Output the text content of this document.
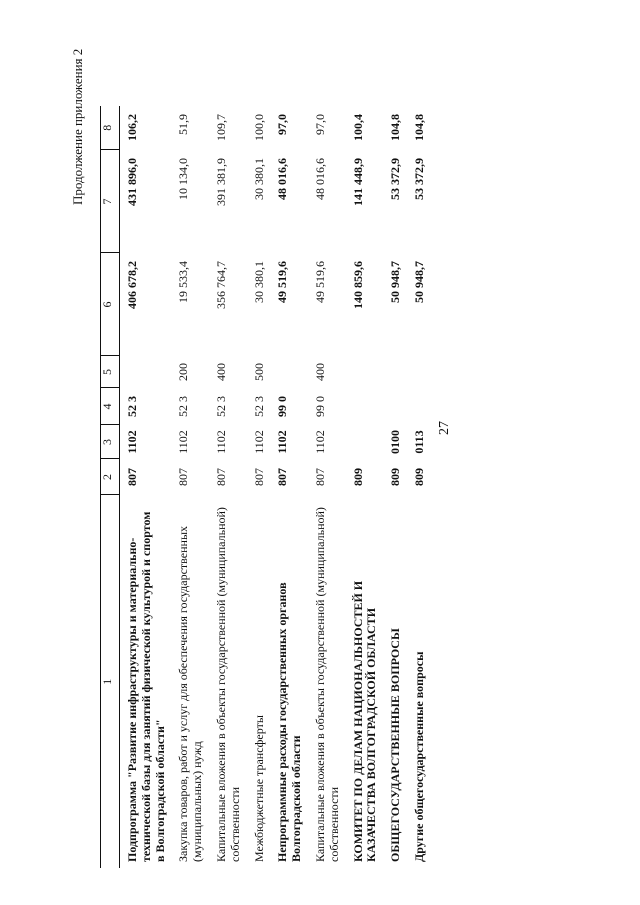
27
Продолжение приложения 2
1	2	3	4	5	6	7	8
Подпрограмма "Развитие инфраструктуры и материально-технической базы для занятий физической культурой и спортом в Волгоградской области"	807	1102	52 3		406 678,2	431 896,0	106,2
Закупка товаров, работ и услуг для обеспечения государственных (муниципальных) нужд	807	1102	52 3	200	19 533,4	10 134,0	51,9
Капитальные вложения в объекты государственной (муниципальной) собственности	807	1102	52 3	400	356 764,7	391 381,9	109,7
Межбюджетные трансферты	807	1102	52 3	500	30 380,1	30 380,1	100,0
Непрограммные расходы государственных органов Волгоградской области	807	1102	99 0		49 519,6	48 016,6	97,0
Капитальные вложения в объекты государственной (муниципальной) собственности	807	1102	99 0	400	49 519,6	48 016,6	97,0
КОМИТЕТ ПО ДЕЛАМ НАЦИОНАЛЬНОСТЕЙ И КАЗАЧЕСТВА ВОЛГОГРАДСКОЙ ОБЛАСТИ	809				140 859,6	141 448,9	100,4
ОБЩЕГОСУДАРСТВЕННЫЕ ВОПРОСЫ	809	0100			50 948,7	53 372,9	104,8
Другие общегосударственные вопросы	809	0113			50 948,7	53 372,9	104,8
